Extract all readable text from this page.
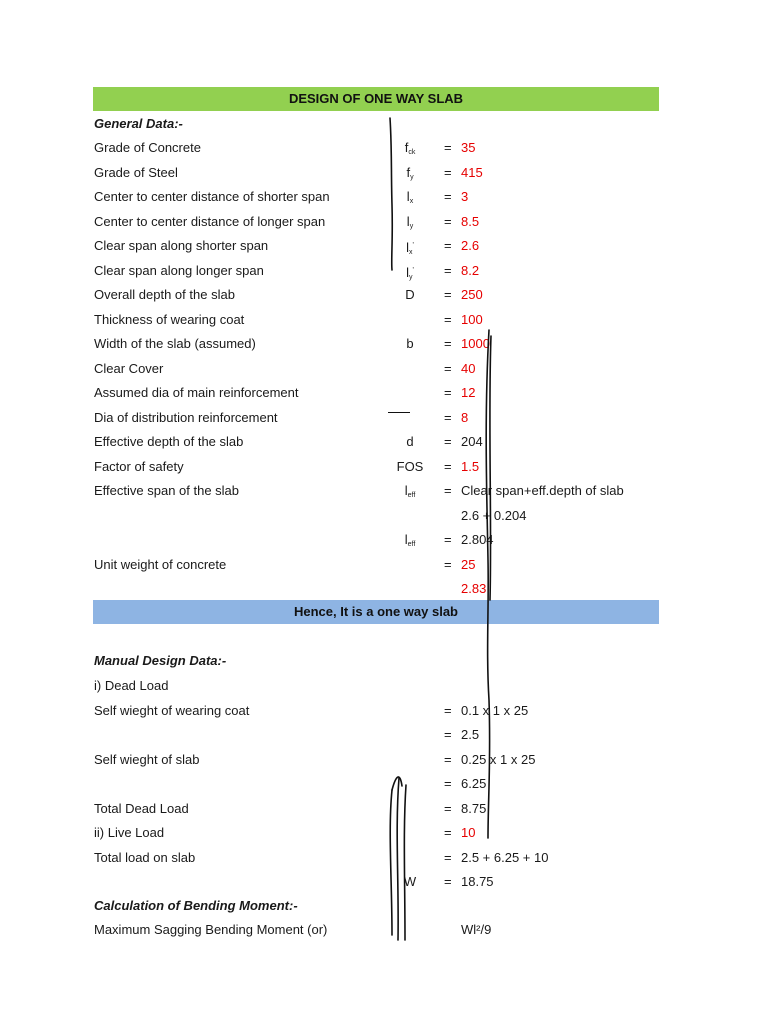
DESIGN OF ONE WAY SLAB
General Data:-
Grade of Concrete	$f_{ck}$	= 35
Grade of Steel	$f_y$	= 415
Center to center distance of shorter span	$l_x$	= 3
Center to center distance of longer span	$l_y$	= 8.5
Clear span along shorter span	$l_x'$	= 2.6
Clear span along longer span	$l_y'$	= 8.2
Overall depth of the slab	D	= 250
Thickness of wearing coat	= 100
Width of the slab (assumed)	b	= 1000
Clear Cover	= 40
Assumed dia of main reinforcement	= 12
Dia of distribution reinforcement	= 8
Effective depth of the slab	d	= 204
Factor of safety	FOS	= 1.5
Effective span of the slab	$l_{eff}$	= Clear span+eff.depth of slab
2.6 + 0.204
$l_{eff}$	= 2.804
Unit weight of concrete	= 25
2.83
Hence, It is a one way slab
Manual Design Data:-
i) Dead Load
Self wieght of wearing coat	= 0.1 x 1 x 25
= 2.5
Self wieght of slab	= 0.25 x 1 x 25
= 6.25
Total Dead Load	= 8.75
ii) Live Load	= 10
Total load on slab	= 2.5 + 6.25 + 10
W	= 18.75
Calculation of Bending Moment:-
Maximum Sagging Bending Moment (or)	Wl²/9
